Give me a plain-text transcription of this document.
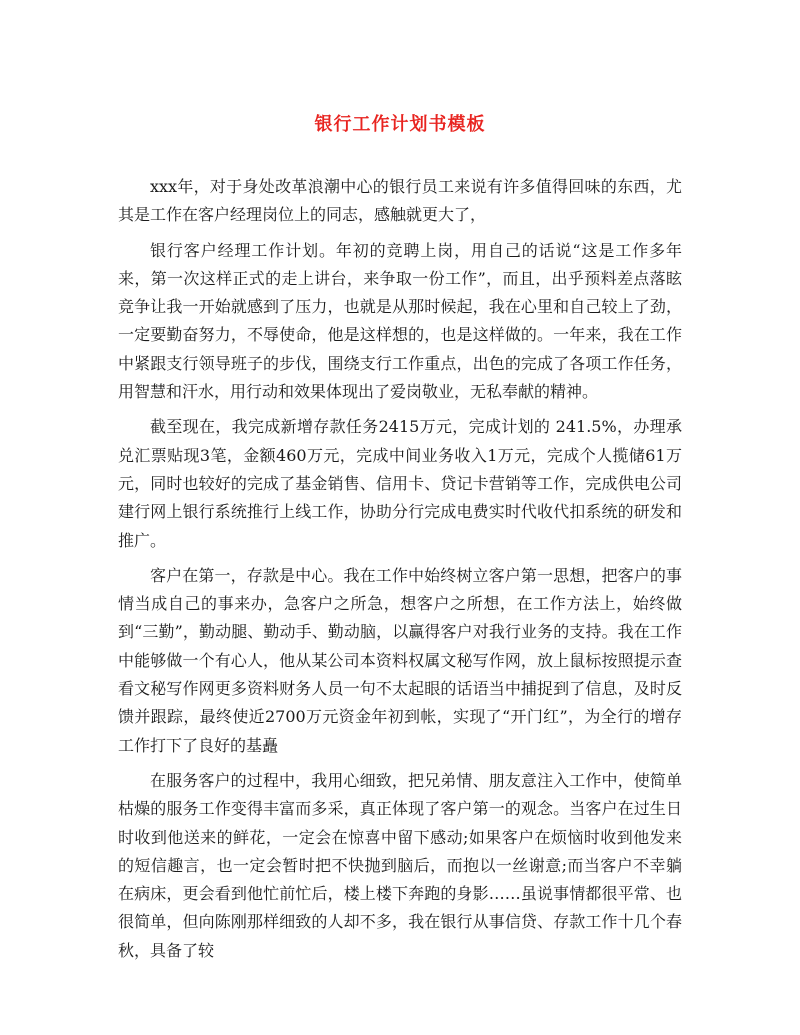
银行工作计划书模板

xxx年，对于身处改革浪潮中心的银行员工来说有许多值得回味的东西，尤其是工作在客户经理岗位上的同志，感触就更大了，

银行客户经理工作计划。年初的竞聘上岗，用自己的话说“这是工作多年来，第一次这样正式的走上讲台，来争取一份工作”，而且，出乎预料差点落眩竞争让我一开始就感到了压力，也就是从那时候起，我在心里和自己较上了劲，一定要勤奋努力，不辱使命，他是这样想的，也是这样做的。一年来，我在工作中紧跟支行领导班子的步伐，围绕支行工作重点，出色的完成了各项工作任务，用智慧和汗水，用行动和效果体现出了爱岗敬业，无私奉献的精神。

截至现在，我完成新增存款任务2415万元，完成计划的 241.5%，办理承兑汇票贴现3笔，金额460万元，完成中间业务收入1万元，完成个人揽储61万元，同时也较好的完成了基金销售、信用卡、贷记卡营销等工作，完成供电公司建行网上银行系统推行上线工作，协助分行完成电费实时代收代扣系统的研发和推广。

客户在第一，存款是中心。我在工作中始终树立客户第一思想，把客户的事情当成自己的事来办，急客户之所急，想客户之所想，在工作方法上，始终做到“三勤”，勤动腿、勤动手、勤动脑，以赢得客户对我行业务的支持。我在工作中能够做一个有心人，他从某公司本资料权属文秘写作网，放上鼠标按照提示查看文秘写作网更多资料财务人员一句不太起眼的话语当中捕捉到了信息，及时反馈并跟踪，最终使近2700万元资金年初到帐，实现了“开门红”，为全行的增存工作打下了良好的基矗

在服务客户的过程中，我用心细致，把兄弟情、朋友意注入工作中，使简单枯燥的服务工作变得丰富而多采，真正体现了客户第一的观念。当客户在过生日时收到他送来的鲜花，一定会在惊喜中留下感动;如果客户在烦恼时收到他发来的短信趣言，也一定会暂时把不快抛到脑后，而抱以一丝谢意;而当客户不幸躺在病床，更会看到他忙前忙后，楼上楼下奔跑的身影……虽说事情都很平常、也很简单，但向陈刚那样细致的人却不多，我在银行从事信贷、存款工作十几个春秋，具备了较
